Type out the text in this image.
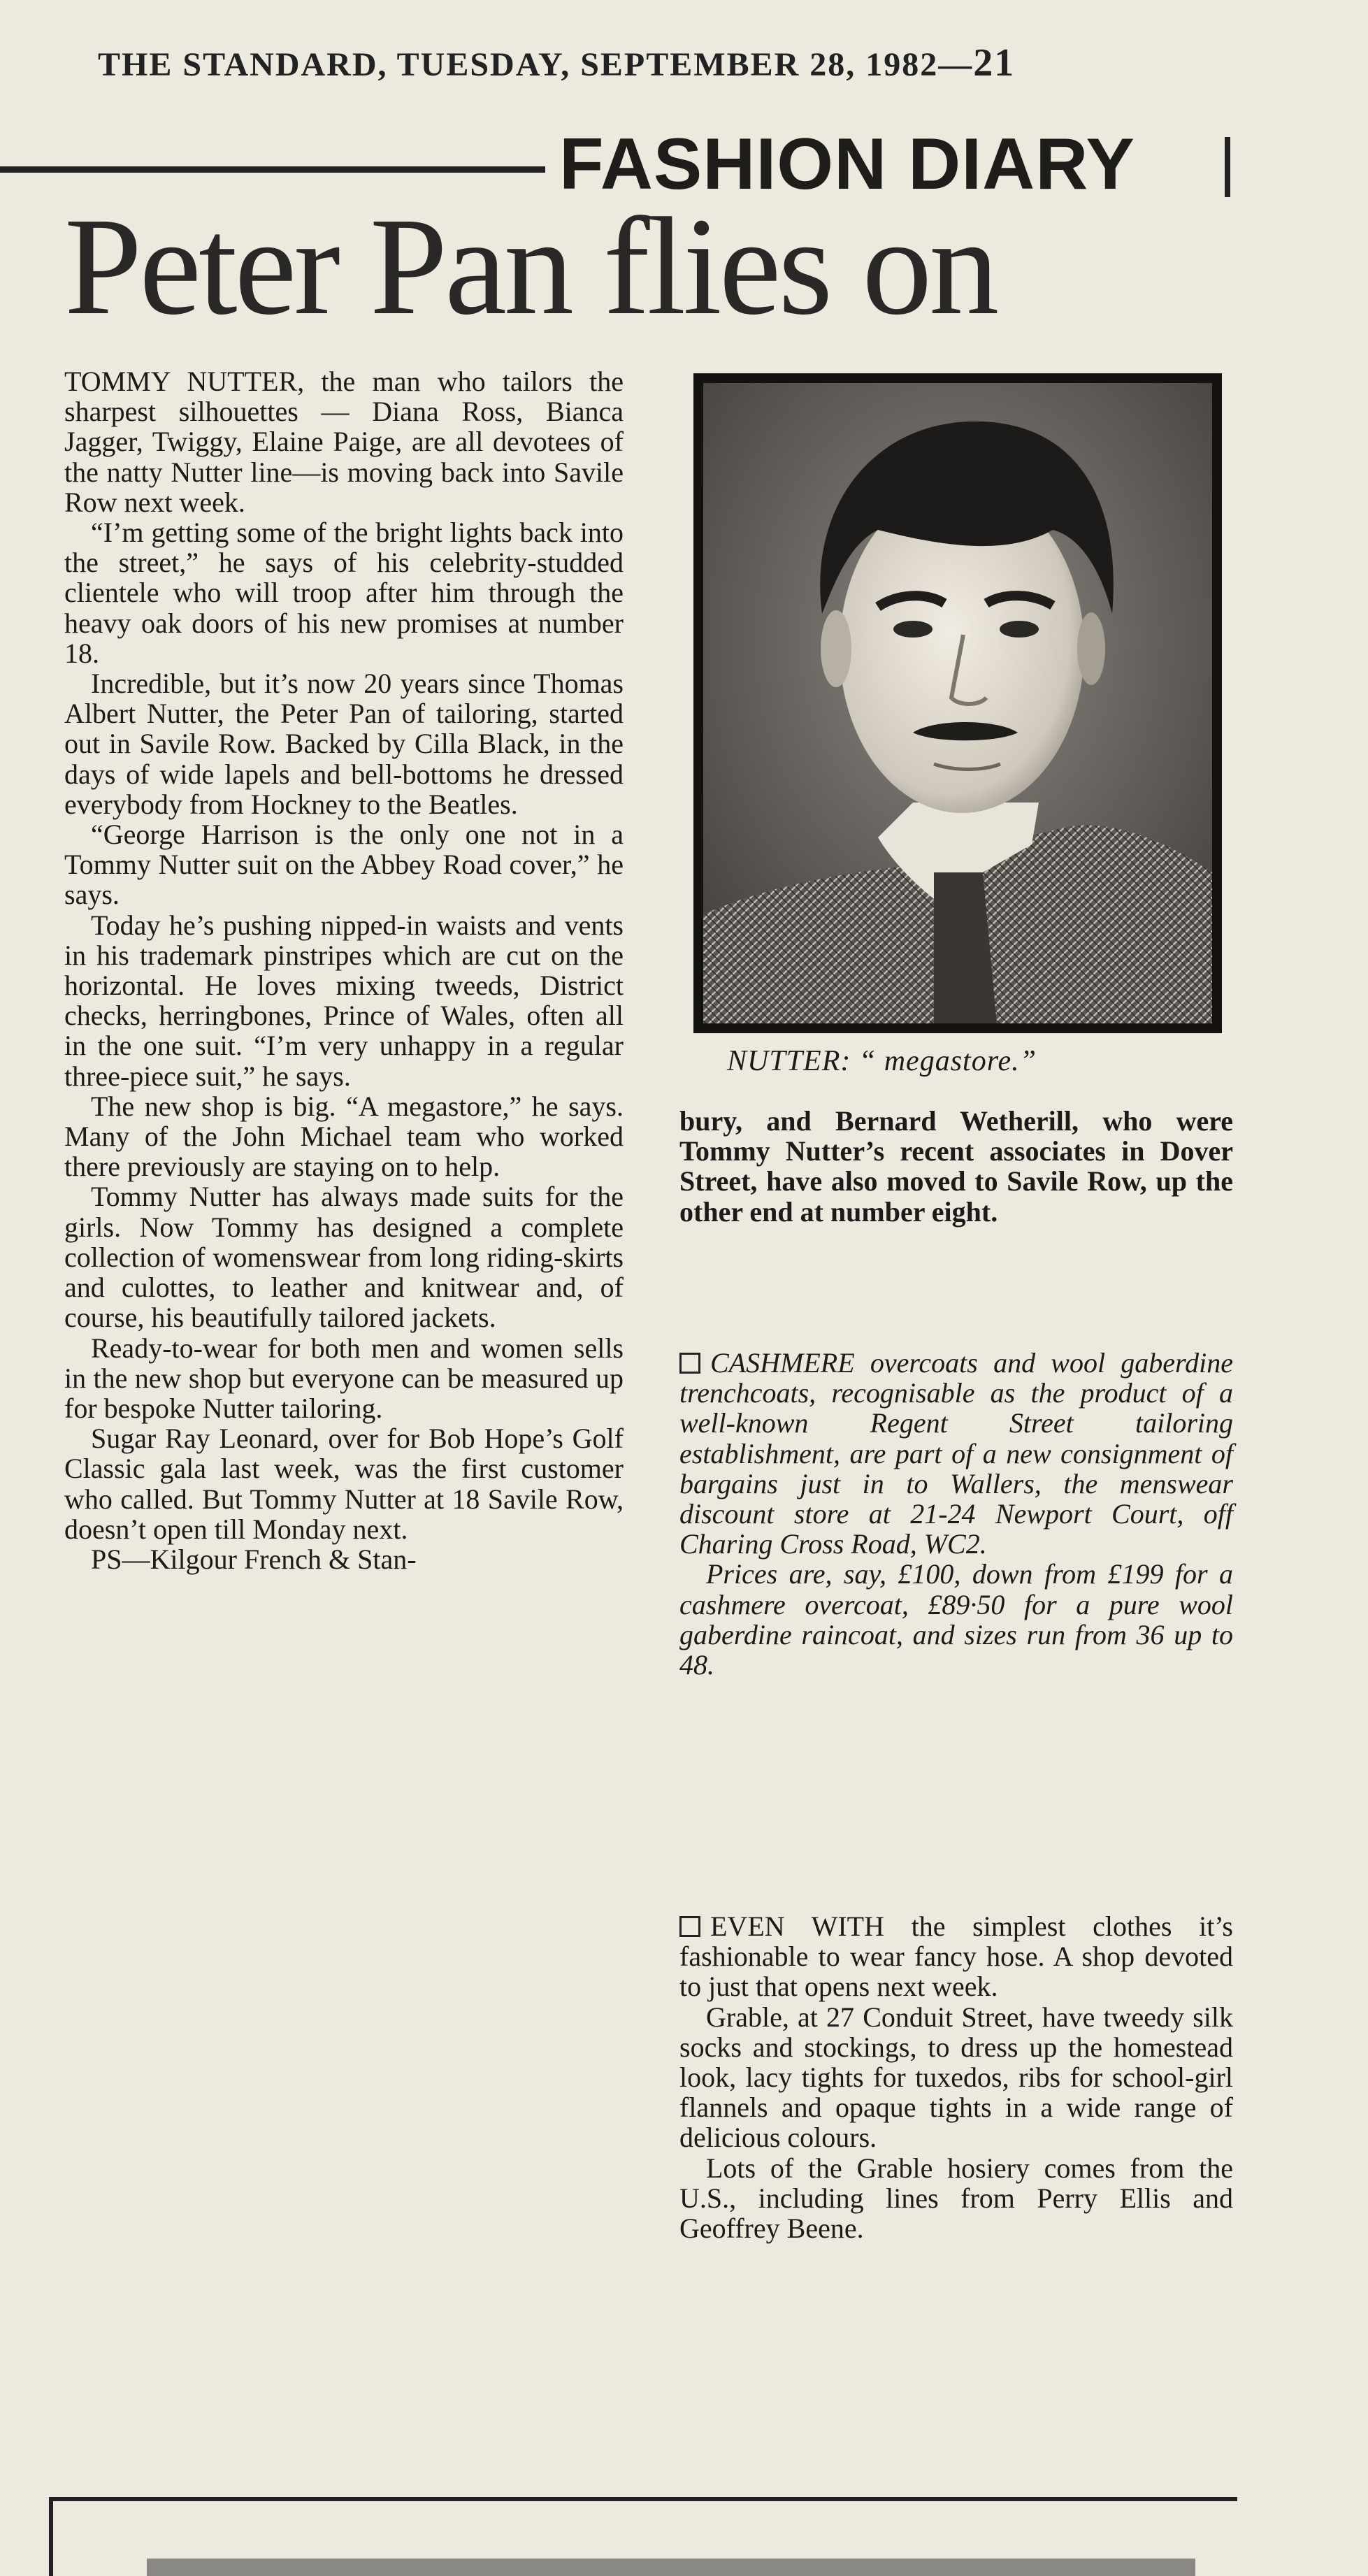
THE STANDARD, TUESDAY, SEPTEMBER 28, 1982—21
FASHION DIARY
Peter Pan flies on

TOMMY NUTTER, the man who tailors the sharpest silhouettes — Diana Ross, Bianca Jagger, Twiggy, Elaine Paige, are all devotees of the natty Nutter line—is moving back into Savile Row next week.

“I’m getting some of the bright lights back into the street,” he says of his celebrity-studded clientele who will troop after him through the heavy oak doors of his new promises at number 18.

Incredible, but it’s now 20 years since Thomas Albert Nutter, the Peter Pan of tailoring, started out in Savile Row. Backed by Cilla Black, in the days of wide lapels and bell-bottoms he dressed everybody from Hockney to the Beatles.

“George Harrison is the only one not in a Tommy Nutter suit on the Abbey Road cover,” he says.

Today he’s pushing nipped-in waists and vents in his trademark pinstripes which are cut on the horizontal. He loves mixing tweeds, District checks, herringbones, Prince of Wales, often all in the one suit. “I’m very unhappy in a regular three-piece suit,” he says.

The new shop is big. “A megastore,” he says. Many of the John Michael team who worked there previously are staying on to help.

Tommy Nutter has always made suits for the girls. Now Tommy has designed a complete collection of womenswear from long riding-skirts and culottes, to leather and knitwear and, of course, his beautifully tailored jackets.

Ready-to-wear for both men and women sells in the new shop but everyone can be measured up for bespoke Nutter tailoring.

Sugar Ray Leonard, over for Bob Hope’s Golf Classic gala last week, was the first customer who called. But Tommy Nutter at 18 Savile Row, doesn’t open till Monday next.

PS—Kilgour French & Stan-

NUTTER: “ megastore.”

bury, and Bernard Wetherill, who were Tommy Nutter’s recent associates in Dover Street, have also moved to Savile Row, up the other end at number eight.

CASHMERE overcoats and wool gaberdine trenchcoats, recognisable as the product of a well-known Regent Street tailoring establishment, are part of a new consignment of bargains just in to Wallers, the menswear discount store at 21-24 Newport Court, off Charing Cross Road, WC2.

Prices are, say, £100, down from £199 for a cashmere overcoat, £89·50 for a pure wool gaberdine raincoat, and sizes run from 36 up to 48.

EVEN WITH the simplest clothes it’s fashionable to wear fancy hose. A shop devoted to just that opens next week.

Grable, at 27 Conduit Street, have tweedy silk socks and stockings, to dress up the homestead look, lacy tights for tuxedos, ribs for school-girl flannels and opaque tights in a wide range of delicious colours.

Lots of the Grable hosiery comes from the U.S., including lines from Perry Ellis and Geoffrey Beene.
